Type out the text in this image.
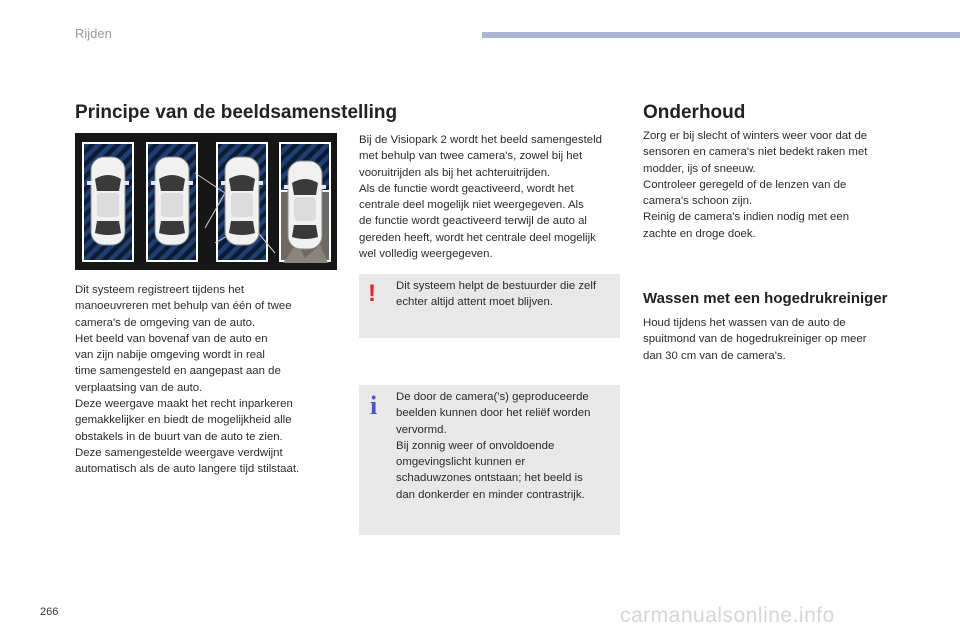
Rijden
Principe van de beeldsamenstelling
Dit systeem registreert tijdens het
manoeuvreren met behulp van één of twee
camera's de omgeving van de auto.
Het beeld van bovenaf van de auto en
van zijn nabije omgeving wordt in real
time samengesteld en aangepast aan de
verplaatsing van de auto.
Deze weergave maakt het recht inparkeren
gemakkelijker en biedt de mogelijkheid alle
obstakels in de buurt van de auto te zien.
Deze samengestelde weergave verdwijnt
automatisch als de auto langere tijd stilstaat.
Bij de Visiopark 2 wordt het beeld samengesteld
met behulp van twee camera's, zowel bij het
vooruitrijden als bij het achteruitrijden.
Als de functie wordt geactiveerd, wordt het
centrale deel mogelijk niet weergegeven. Als
de functie wordt geactiveerd terwijl de auto al
gereden heeft, wordt het centrale deel mogelijk
wel volledig weergegeven.
! Dit systeem helpt de bestuurder die zelf
echter altijd attent moet blijven.
i De door de camera('s) geproduceerde
beelden kunnen door het reliëf worden
vervormd.
Bij zonnig weer of onvoldoende
omgevingslicht kunnen er
schaduwzones ontstaan; het beeld is
dan donkerder en minder contrastrijk.
Onderhoud
Zorg er bij slecht of winters weer voor dat de
sensoren en camera's niet bedekt raken met
modder, ijs of sneeuw.
Controleer geregeld of de lenzen van de
camera's schoon zijn.
Reinig de camera's indien nodig met een
zachte en droge doek.
Wassen met een hogedrukreiniger
Houd tijdens het wassen van de auto de
spuitmond van de hogedrukreiniger op meer
dan 30 cm van de camera's.
266	carmanualsonline.info
